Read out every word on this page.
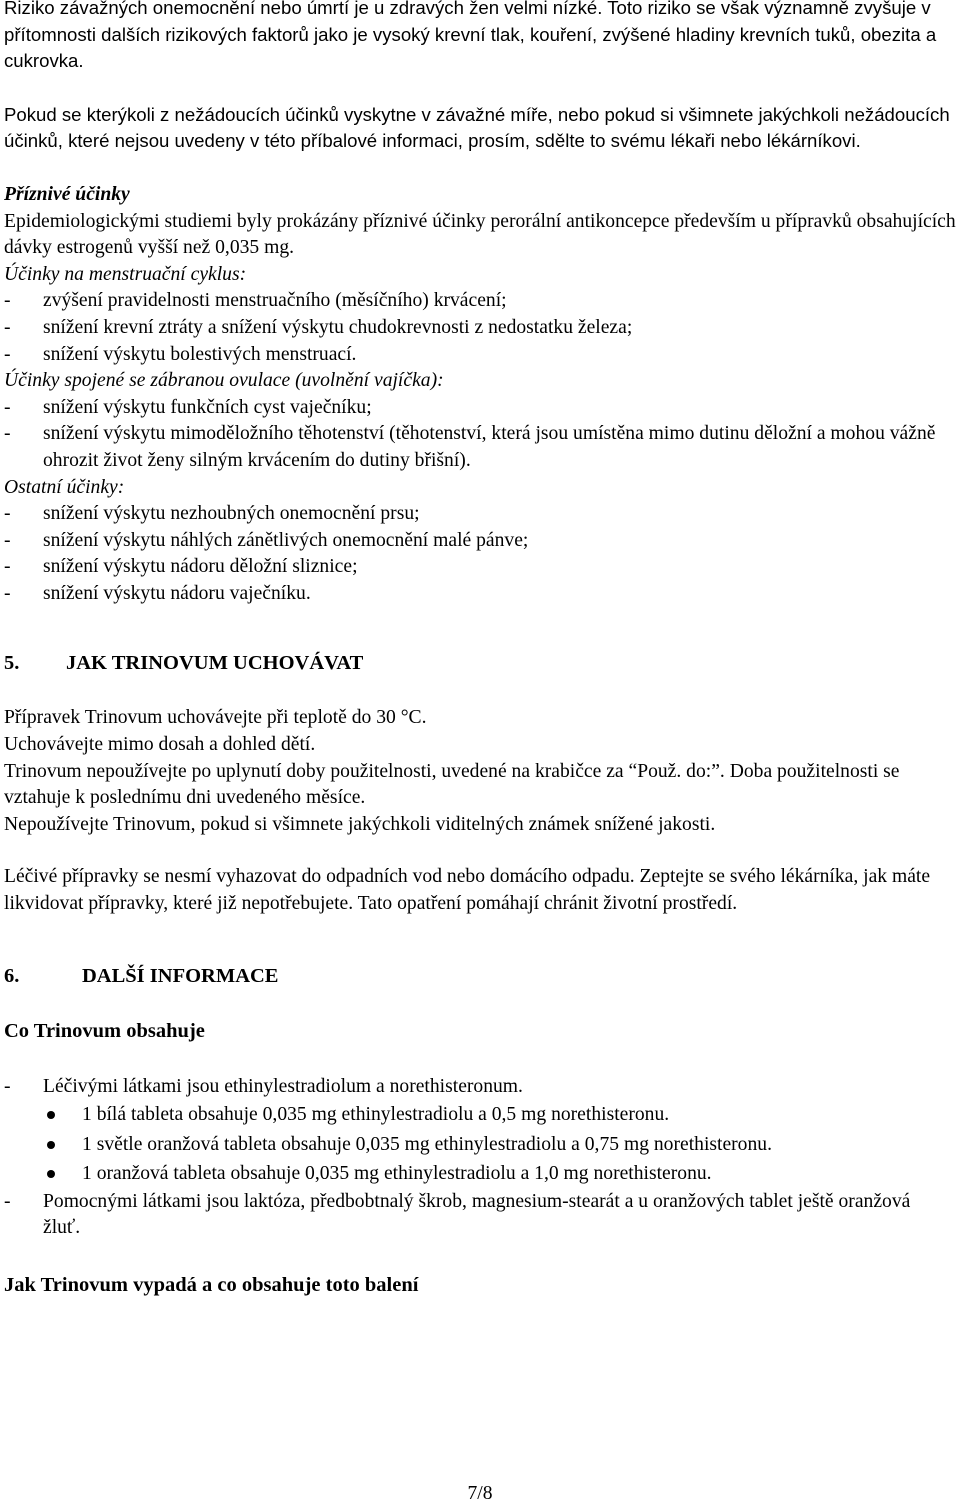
Riziko závažných onemocnění nebo úmrtí je u zdravých žen velmi nízké. Toto riziko se však významně zvyšuje v přítomnosti dalších rizikových faktorů jako je vysoký krevní tlak, kouření, zvýšené hladiny krevních tuků, obezita a cukrovka.

Pokud se kterýkoli z nežádoucích účinků vyskytne v závažné míře, nebo pokud si všimnete jakýchkoli nežádoucích účinků, které nejsou uvedeny v této příbalové informaci, prosím, sdělte to svému lékaři nebo lékárníkovi.

Příznivé účinky

Epidemiologickými studiemi byly prokázány příznivé účinky perorální antikoncepce především u přípravků obsahujících dávky estrogenů vyšší než 0,035 mg.

Účinky na menstruační cyklus:
- zvýšení pravidelnosti menstruačního (měsíčního) krvácení;
- snížení krevní ztráty a snížení výskytu chudokrevnosti z nedostatku železa;
- snížení výskytu bolestivých menstruací.
Účinky spojené se zábranou ovulace (uvolnění vajíčka):
- snížení výskytu funkčních cyst vaječníku;
- snížení výskytu mimoděložního těhotenství (těhotenství, která jsou umístěna mimo dutinu děložní a mohou vážně ohrozit život ženy silným krvácením do dutiny břišní).
Ostatní účinky:
- snížení výskytu nezhoubných onemocnění prsu;
- snížení výskytu náhlých zánětlivých onemocnění malé pánve;
- snížení výskytu nádoru děložní sliznice;
- snížení výskytu nádoru vaječníku.
5. JAK TRINOVUM UCHOVÁVAT

Přípravek Trinovum uchovávejte při teplotě do 30 °C.

Uchovávejte mimo dosah a dohled dětí.

Trinovum nepoužívejte po uplynutí doby použitelnosti, uvedené na krabičce za “Použ. do:”. Doba použitelnosti se vztahuje k poslednímu dni uvedeného měsíce.

Nepoužívejte Trinovum, pokud si všimnete jakýchkoli viditelných známek snížené jakosti.

Léčivé přípravky se nesmí vyhazovat do odpadních vod nebo domácího odpadu. Zeptejte se svého lékárníka, jak máte likvidovat přípravky, které již nepotřebujete. Tato opatření pomáhají chránit životní prostředí.

6.	DALŠÍ INFORMACE
Co Trinovum obsahuje
- Léčivými látkami jsou ethinylestradiolum a norethisteronum.
1 bílá tableta obsahuje 0,035 mg ethinylestradiolu a 0,5 mg norethisteronu.
1 světle oranžová tableta obsahuje 0,035 mg ethinylestradiolu a 0,75 mg norethisteronu.
1 oranžová tableta obsahuje 0,035 mg ethinylestradiolu a 1,0 mg norethisteronu.
- Pomocnými látkami jsou laktóza, předbobtnalý škrob, magnesium-stearát a u oranžových tablet ještě oranžová žluť.
Jak Trinovum vypadá a co obsahuje toto balení
7/8
